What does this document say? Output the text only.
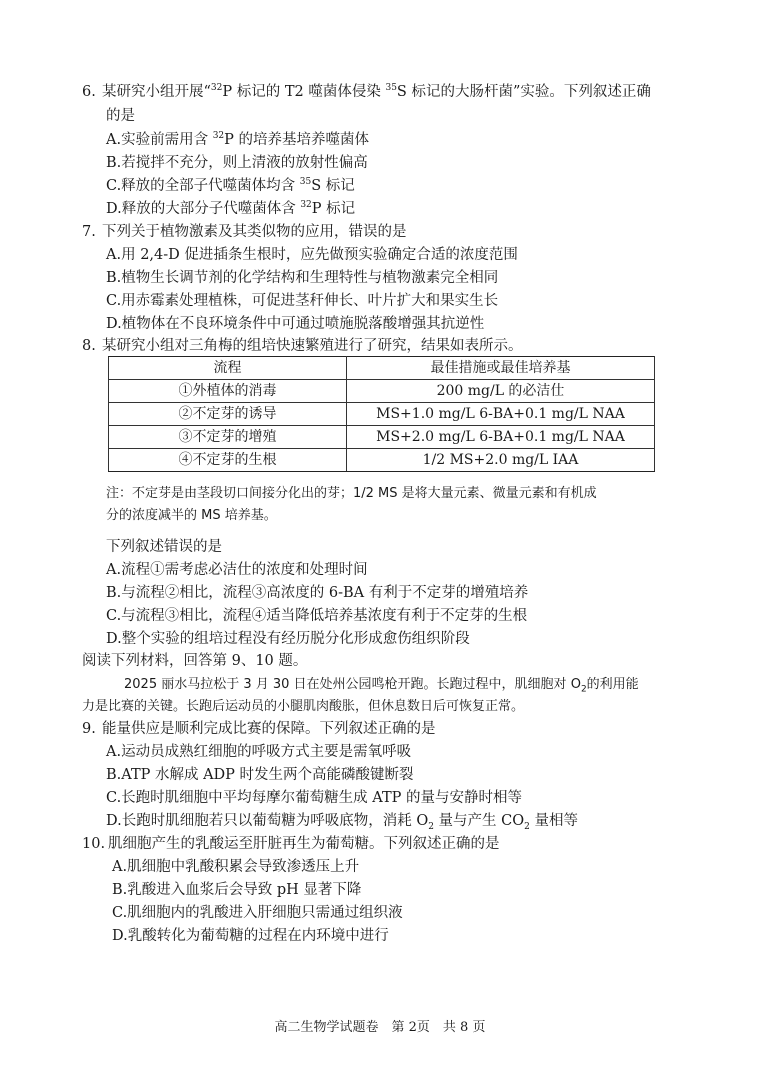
6. 某研究小组开展“$^{32}$P 标记的 T2 噬菌体侵染 $^{35}$S 标记的大肠杆菌”实验。下列叙述正确
的是
A.实验前需用含 $^{32}$P 的培养基培养噬菌体
B.若搅拌不充分，则上清液的放射性偏高
C.释放的全部子代噬菌体均含 $^{35}$S 标记
D.释放的大部分子代噬菌体含 $^{32}$P 标记
7. 下列关于植物激素及其类似物的应用，错误的是
A.用 2,4-D 促进插条生根时，应先做预实验确定合适的浓度范围
B.植物生长调节剂的化学结构和生理特性与植物激素完全相同
C.用赤霉素处理植株，可促进茎秆伸长、叶片扩大和果实生长
D.植物体在不良环境条件中可通过喷施脱落酸增强其抗逆性
8. 某研究小组对三角梅的组培快速繁殖进行了研究，结果如表所示。
流程	最佳措施或最佳培养基
①外植体的消毒	200 mg/L 的必洁仕
②不定芽的诱导	MS+1.0 mg/L 6-BA+0.1 mg/L NAA
③不定芽的增殖	MS+2.0 mg/L 6-BA+0.1 mg/L NAA
④不定芽的生根	1/2 MS+2.0 mg/L IAA
注：不定芽是由茎段切口间接分化出的芽；1/2 MS 是将大量元素、微量元素和有机成
分的浓度减半的 MS 培养基。
下列叙述错误的是
A.流程①需考虑必洁仕的浓度和处理时间
B.与流程②相比，流程③高浓度的 6-BA 有利于不定芽的增殖培养
C.与流程③相比，流程④适当降低培养基浓度有利于不定芽的生根
D.整个实验的组培过程没有经历脱分化形成愈伤组织阶段
阅读下列材料，回答第 9、10 题。
2025 丽水马拉松于 3 月 30 日在处州公园鸣枪开跑。长跑过程中，肌细胞对 $O_2$的利用能
力是比赛的关键。长跑后运动员的小腿肌肉酸胀，但休息数日后可恢复正常。
9. 能量供应是顺利完成比赛的保障。下列叙述正确的是
A.运动员成熟红细胞的呼吸方式主要是需氧呼吸
B.ATP 水解成 ADP 时发生两个高能磷酸键断裂
C.长跑时肌细胞中平均每摩尔葡萄糖生成 ATP 的量与安静时相等
D.长跑时肌细胞若只以葡萄糖为呼吸底物，消耗 $O_2$ 量与产生 $CO_2$ 量相等
10. 肌细胞产生的乳酸运至肝脏再生为葡萄糖。下列叙述正确的是
A.肌细胞中乳酸积累会导致渗透压上升
B.乳酸进入血浆后会导致 pH 显著下降
C.肌细胞内的乳酸进入肝细胞只需通过组织液
D.乳酸转化为葡萄糖的过程在内环境中进行
高二生物学试题卷　第 2页　共 8 页
